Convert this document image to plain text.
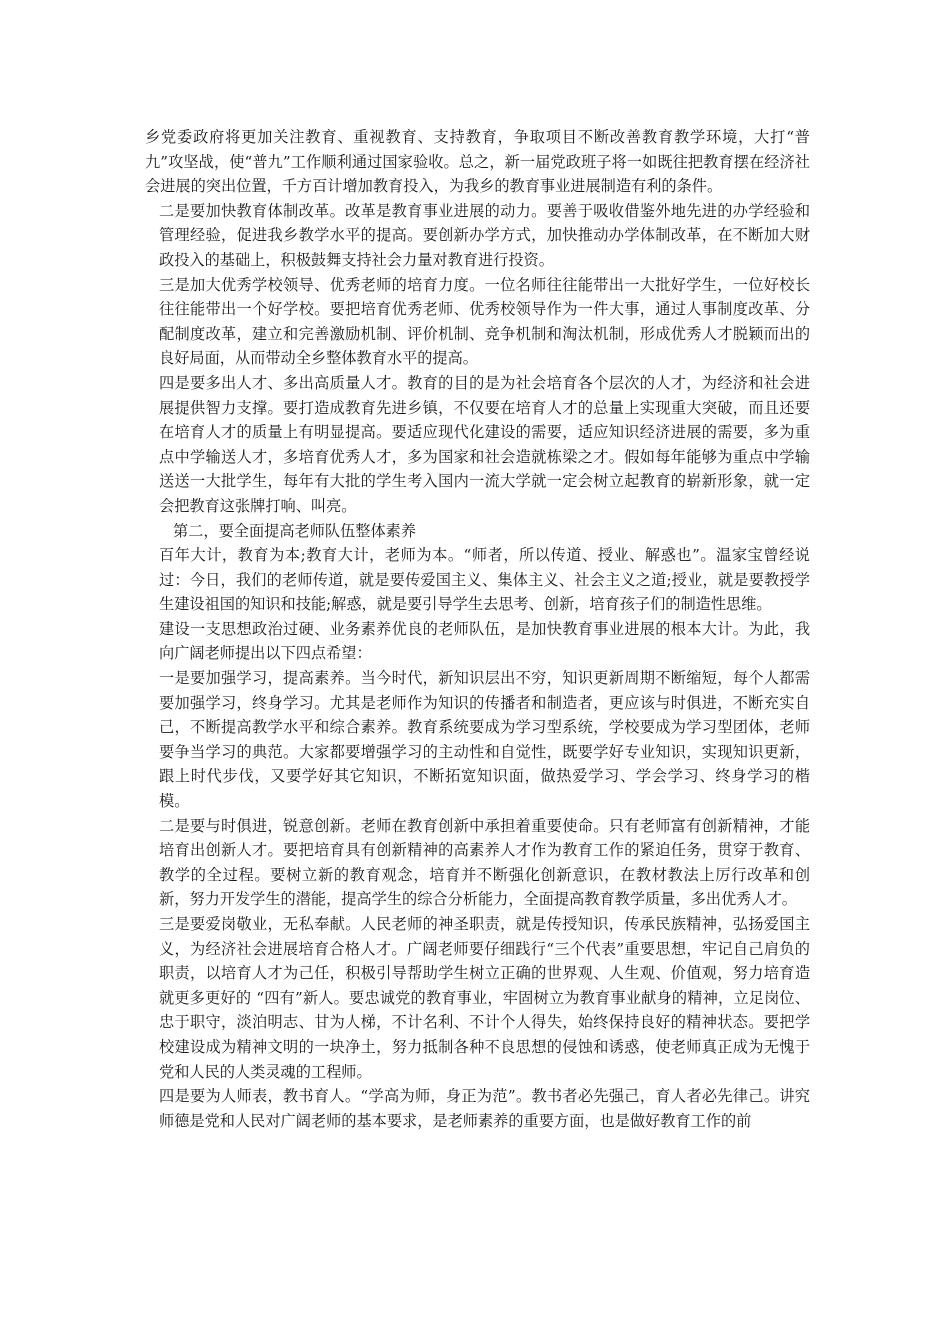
乡党委政府将更加关注教育、重视教育、支持教育，争取项目不断改善教育教学环境，大打“普九”攻坚战，使“普九”工作顺利通过国家验收。总之，新一届党政班子将一如既往把教育摆在经济社会进展的突出位置，千方百计增加教育投入，为我乡的教育事业进展制造有利的条件。

二是要加快教育体制改革。改革是教育事业进展的动力。要善于吸收借鉴外地先进的办学经验和管理经验，促进我乡教学水平的提高。要创新办学方式，加快推动办学体制改革，在不断加大财政投入的基础上，积极鼓舞支持社会力量对教育进行投资。

三是加大优秀学校领导、优秀老师的培育力度。一位名师往往能带出一大批好学生，一位好校长往往能带出一个好学校。要把培育优秀老师、优秀校领导作为一件大事，通过人事制度改革、分配制度改革，建立和完善激励机制、评价机制、竞争机制和淘汰机制，形成优秀人才脱颖而出的良好局面，从而带动全乡整体教育水平的提高。

四是要多出人才、多出高质量人才。教育的目的是为社会培育各个层次的人才，为经济和社会进展提供智力支撑。要打造成教育先进乡镇，不仅要在培育人才的总量上实现重大突破，而且还要在培育人才的质量上有明显提高。要适应现代化建设的需要，适应知识经济进展的需要，多为重点中学输送人才，多培育优秀人才，多为国家和社会造就栋梁之才。假如每年能够为重点中学输送送一大批学生，每年有大批的学生考入国内一流大学就一定会树立起教育的崭新形象，就一定会把教育这张牌打响、叫亮。

第二，要全面提高老师队伍整体素养

百年大计，教育为本;教育大计，老师为本。“师者，所以传道、授业、解惑也”。温家宝曾经说过：今日，我们的老师传道，就是要传爱国主义、集体主义、社会主义之道;授业，就是要教授学生建设祖国的知识和技能;解惑，就是要引导学生去思考、创新，培育孩子们的制造性思维。

建设一支思想政治过硬、业务素养优良的老师队伍，是加快教育事业进展的根本大计。为此，我向广阔老师提出以下四点希望：

一是要加强学习，提高素养。当今时代，新知识层出不穷，知识更新周期不断缩短，每个人都需要加强学习，终身学习。尤其是老师作为知识的传播者和制造者，更应该与时俱进，不断充实自己，不断提高教学水平和综合素养。教育系统要成为学习型系统，学校要成为学习型团体，老师要争当学习的典范。大家都要增强学习的主动性和自觉性，既要学好专业知识，实现知识更新，跟上时代步伐，又要学好其它知识，不断拓宽知识面，做热爱学习、学会学习、终身学习的楷模。

二是要与时俱进，锐意创新。老师在教育创新中承担着重要使命。只有老师富有创新精神，才能培育出创新人才。要把培育具有创新精神的高素养人才作为教育工作的紧迫任务，贯穿于教育、教学的全过程。要树立新的教育观念，培育并不断强化创新意识，在教材教法上厉行改革和创新，努力开发学生的潜能，提高学生的综合分析能力，全面提高教育教学质量，多出优秀人才。

三是要爱岗敬业，无私奉献。人民老师的神圣职责，就是传授知识，传承民族精神，弘扬爱国主义，为经济社会进展培育合格人才。广阔老师要仔细践行“三个代表”重要思想，牢记自己肩负的职责，以培育人才为己任，积极引导帮助学生树立正确的世界观、人生观、价值观，努力培育造就更多更好的 “四有”新人。要忠诚党的教育事业，牢固树立为教育事业献身的精神，立足岗位、忠于职守，淡泊明志、甘为人梯，不计名利、不计个人得失，始终保持良好的精神状态。要把学校建设成为精神文明的一块净土，努力抵制各种不良思想的侵蚀和诱惑，使老师真正成为无愧于党和人民的人类灵魂的工程师。

四是要为人师表，教书育人。“学高为师，身正为范”。教书者必先强己，育人者必先律己。讲究师德是党和人民对广阔老师的基本要求，是老师素养的重要方面，也是做好教育工作的前
